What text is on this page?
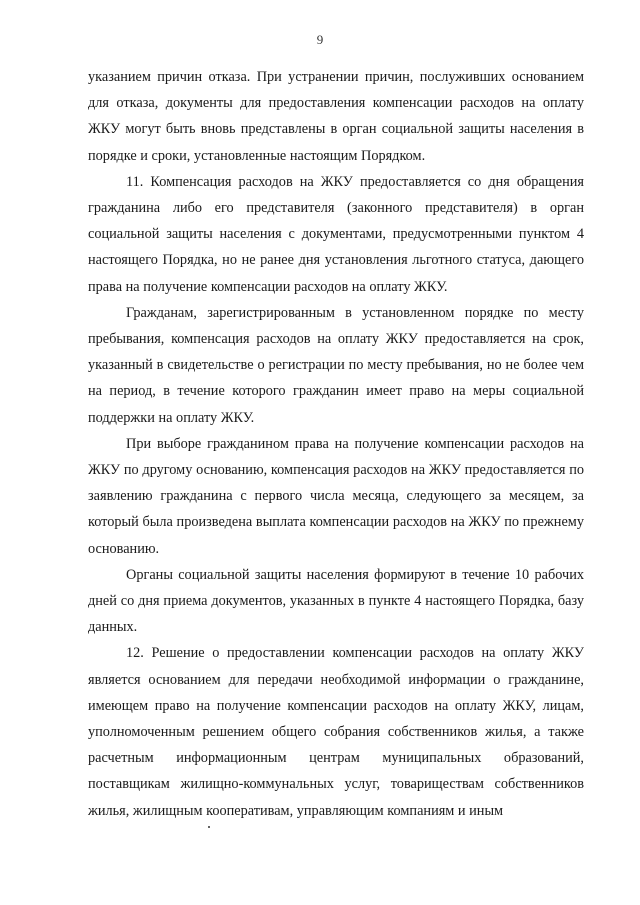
9

указанием причин отказа. При устранении причин, послуживших основанием для отказа, документы для предоставления компенсации расходов на оплату ЖКУ могут быть вновь представлены в орган социальной защиты населения в порядке и сроки, установленные настоящим Порядком.

11. Компенсация расходов на ЖКУ предоставляется со дня обращения гражданина либо его представителя (законного представителя) в орган социальной защиты населения с документами, предусмотренными пунктом 4 настоящего Порядка, но не ранее дня установления льготного статуса, дающего права на получение компенсации расходов на оплату ЖКУ.

Гражданам, зарегистрированным в установленном порядке по месту пребывания, компенсация расходов на оплату ЖКУ предоставляется на срок, указанный в свидетельстве о регистрации по месту пребывания, но не более чем на период, в течение которого гражданин имеет право на меры социальной поддержки на оплату ЖКУ.

При выборе гражданином права на получение компенсации расходов на ЖКУ по другому основанию, компенсация расходов на ЖКУ предоставляется по заявлению гражданина с первого числа месяца, следующего за месяцем, за который была произведена выплата компенсации расходов на ЖКУ по прежнему основанию.

Органы социальной защиты населения формируют в течение 10 рабочих дней со дня приема документов, указанных в пункте 4 настоящего Порядка, базу данных.

12. Решение о предоставлении компенсации расходов на оплату ЖКУ является основанием для передачи необходимой информации о гражданине, имеющем право на получение компенсации расходов на оплату ЖКУ, лицам, уполномоченным решением общего собрания собственников жилья, а также расчетным информационным центрам муниципальных образований, поставщикам жилищно-коммунальных услуг, товариществам собственников жилья, жилищным кооперативам, управляющим компаниям и иным
